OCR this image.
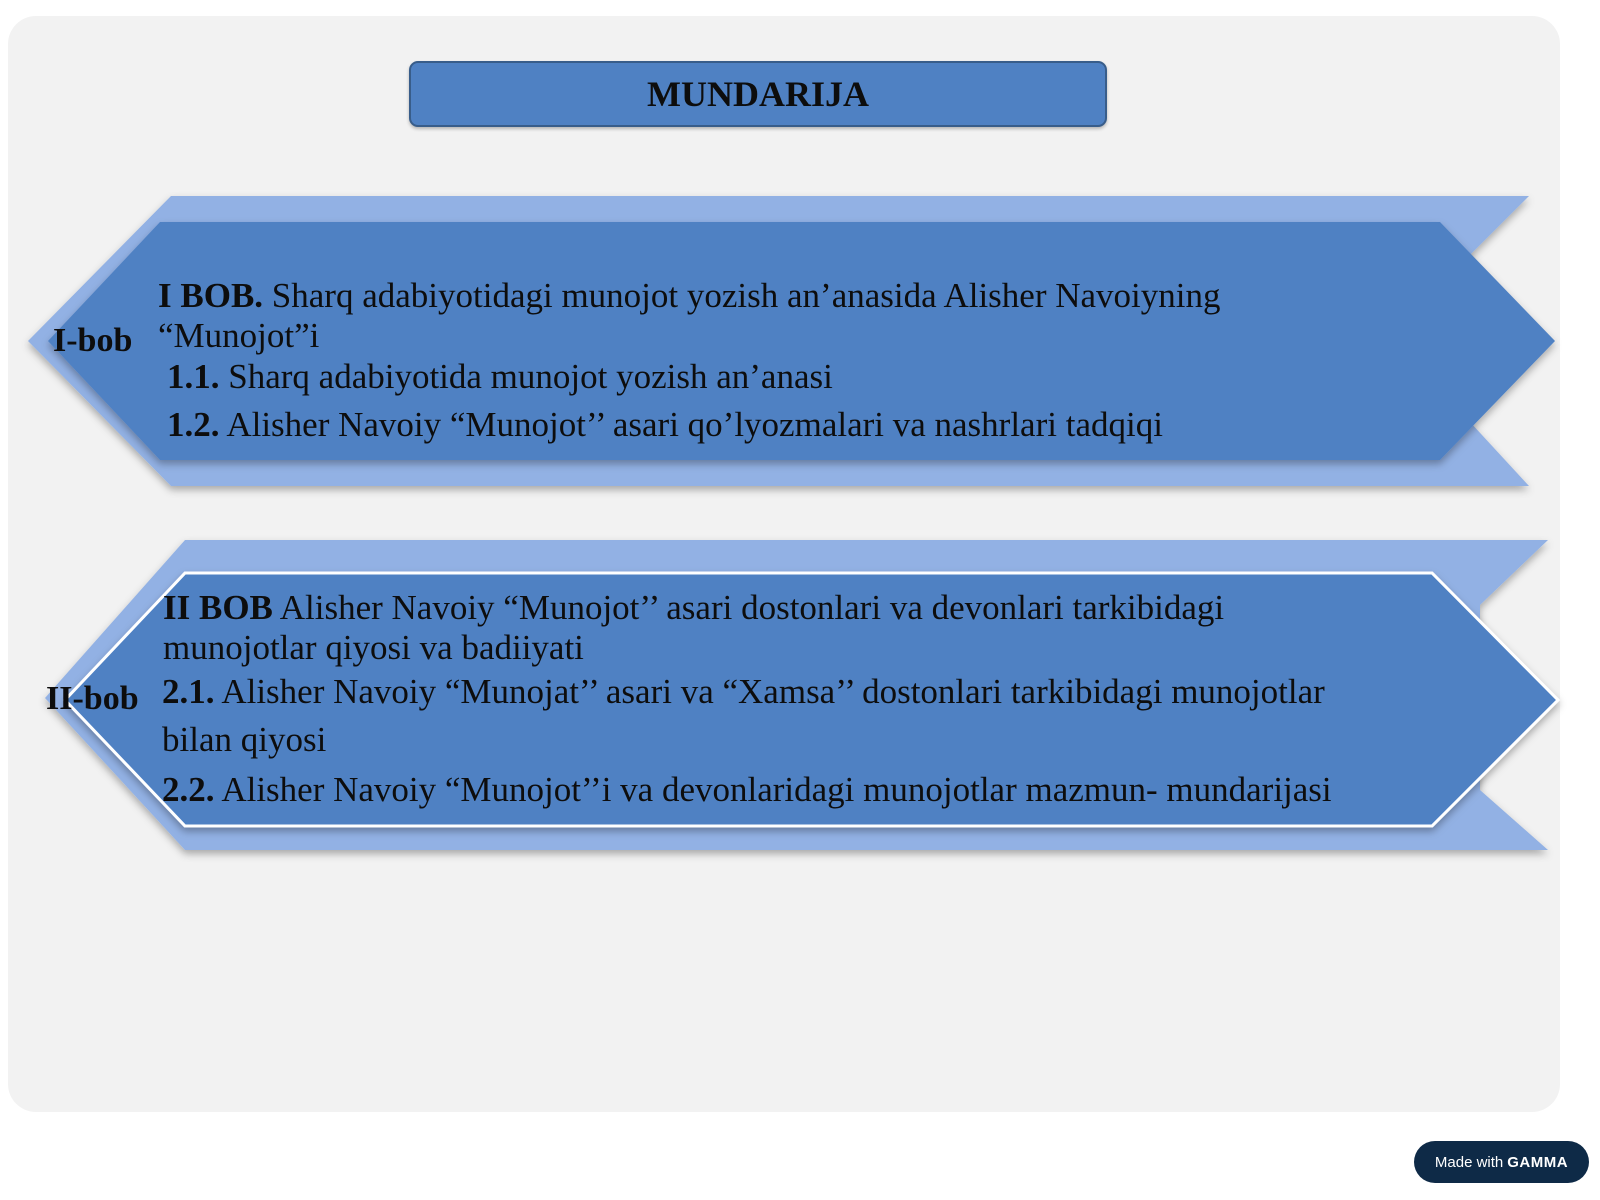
MUNDARIJA
I-bob
I BOB. Sharq adabiyotidagi munojot yozish an’anasida Alisher Navoiyning
“Munojot”i
1.1. Sharq adabiyotida munojot yozish an’anasi
1.2. Alisher Navoiy “Munojot’’ asari qo’lyozmalari va nashrlari tadqiqi
II-bob
II BOB Alisher Navoiy “Munojot’’ asari dostonlari va devonlari tarkibidagi
munojotlar qiyosi va badiiyati
2.1. Alisher Navoiy “Munojat’’ asari va “Xamsa’’ dostonlari tarkibidagi munojotlar
bilan qiyosi
2.2. Alisher Navoiy “Munojot’’i va devonlaridagi munojotlar mazmun- mundarijasi
Made with GAMMA
